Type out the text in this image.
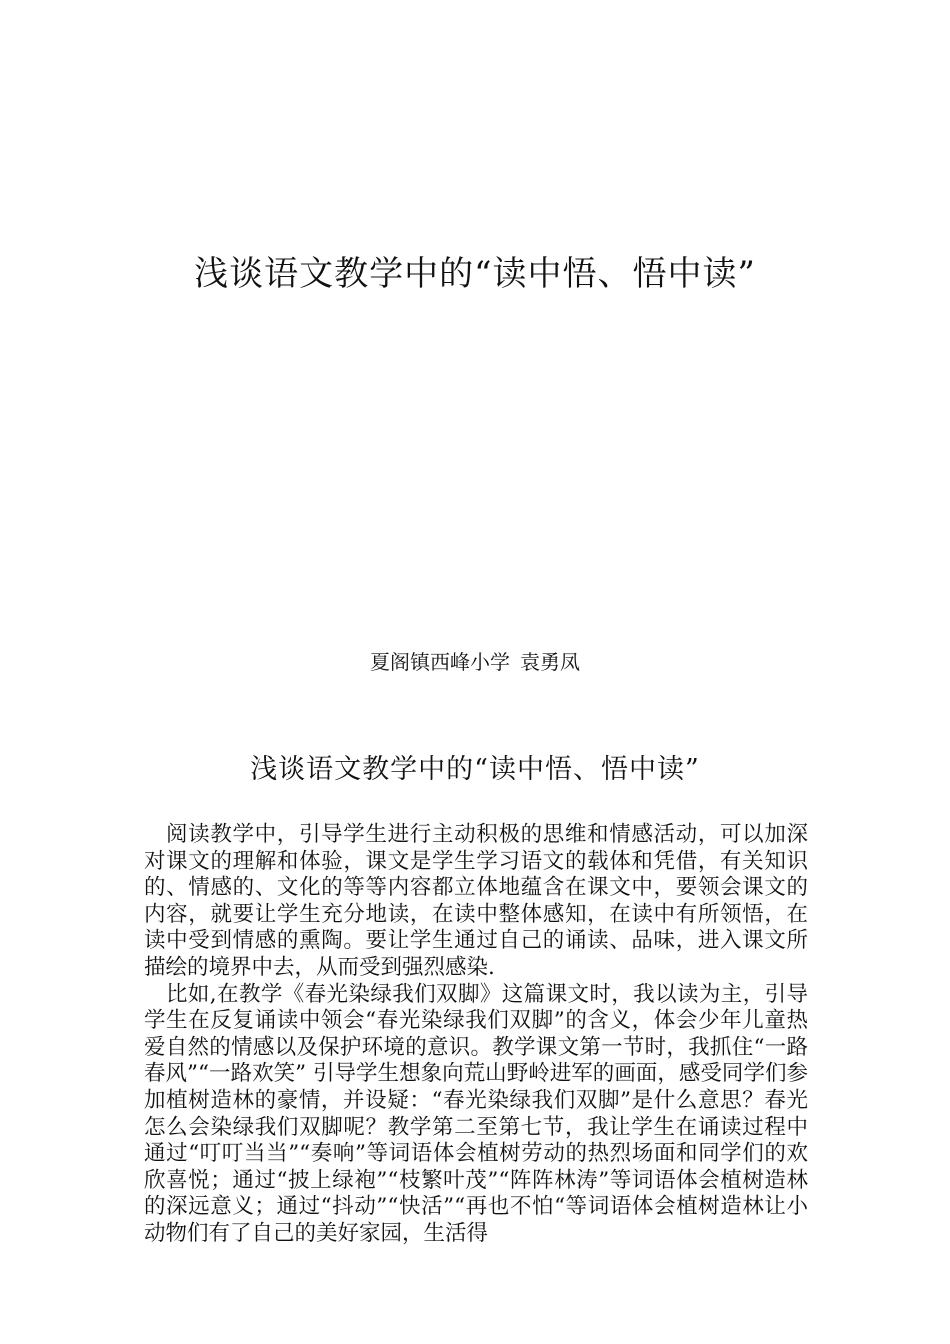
浅谈语文教学中的“读中悟、悟中读”

夏阁镇西峰小学 袁勇凤

浅谈语文教学中的“读中悟、悟中读”

阅读教学中，引导学生进行主动积极的思维和情感活动，可以加深对课文的理解和体验，课文是学生学习语文的载体和凭借，有关知识的、情感的、文化的等等内容都立体地蕴含在课文中，要领会课文的内容，就要让学生充分地读，在读中整体感知，在读中有所领悟，在读中受到情感的熏陶。要让学生通过自己的诵读、品味，进入课文所描绘的境界中去，从而受到强烈感染.

比如,在教学《春光染绿我们双脚》这篇课文时，我以读为主，引导学生在反复诵读中领会“春光染绿我们双脚”的含义，体会少年儿童热爱自然的情感以及保护环境的意识。教学课文第一节时，我抓住“一路春风”“一路欢笑” 引导学生想象向荒山野岭进军的画面，感受同学们参加植树造林的豪情，并设疑：“春光染绿我们双脚”是什么意思？春光怎么会染绿我们双脚呢？教学第二至第七节，我让学生在诵读过程中通过“叮叮当当”“奏响”等词语体会植树劳动的热烈场面和同学们的欢欣喜悦；通过“披上绿袍”“枝繁叶茂”“阵阵林涛”等词语体会植树造林的深远意义；通过“抖动”“快活”“再也不怕“等词语体会植树造林让小动物们有了自己的美好家园，生活得
